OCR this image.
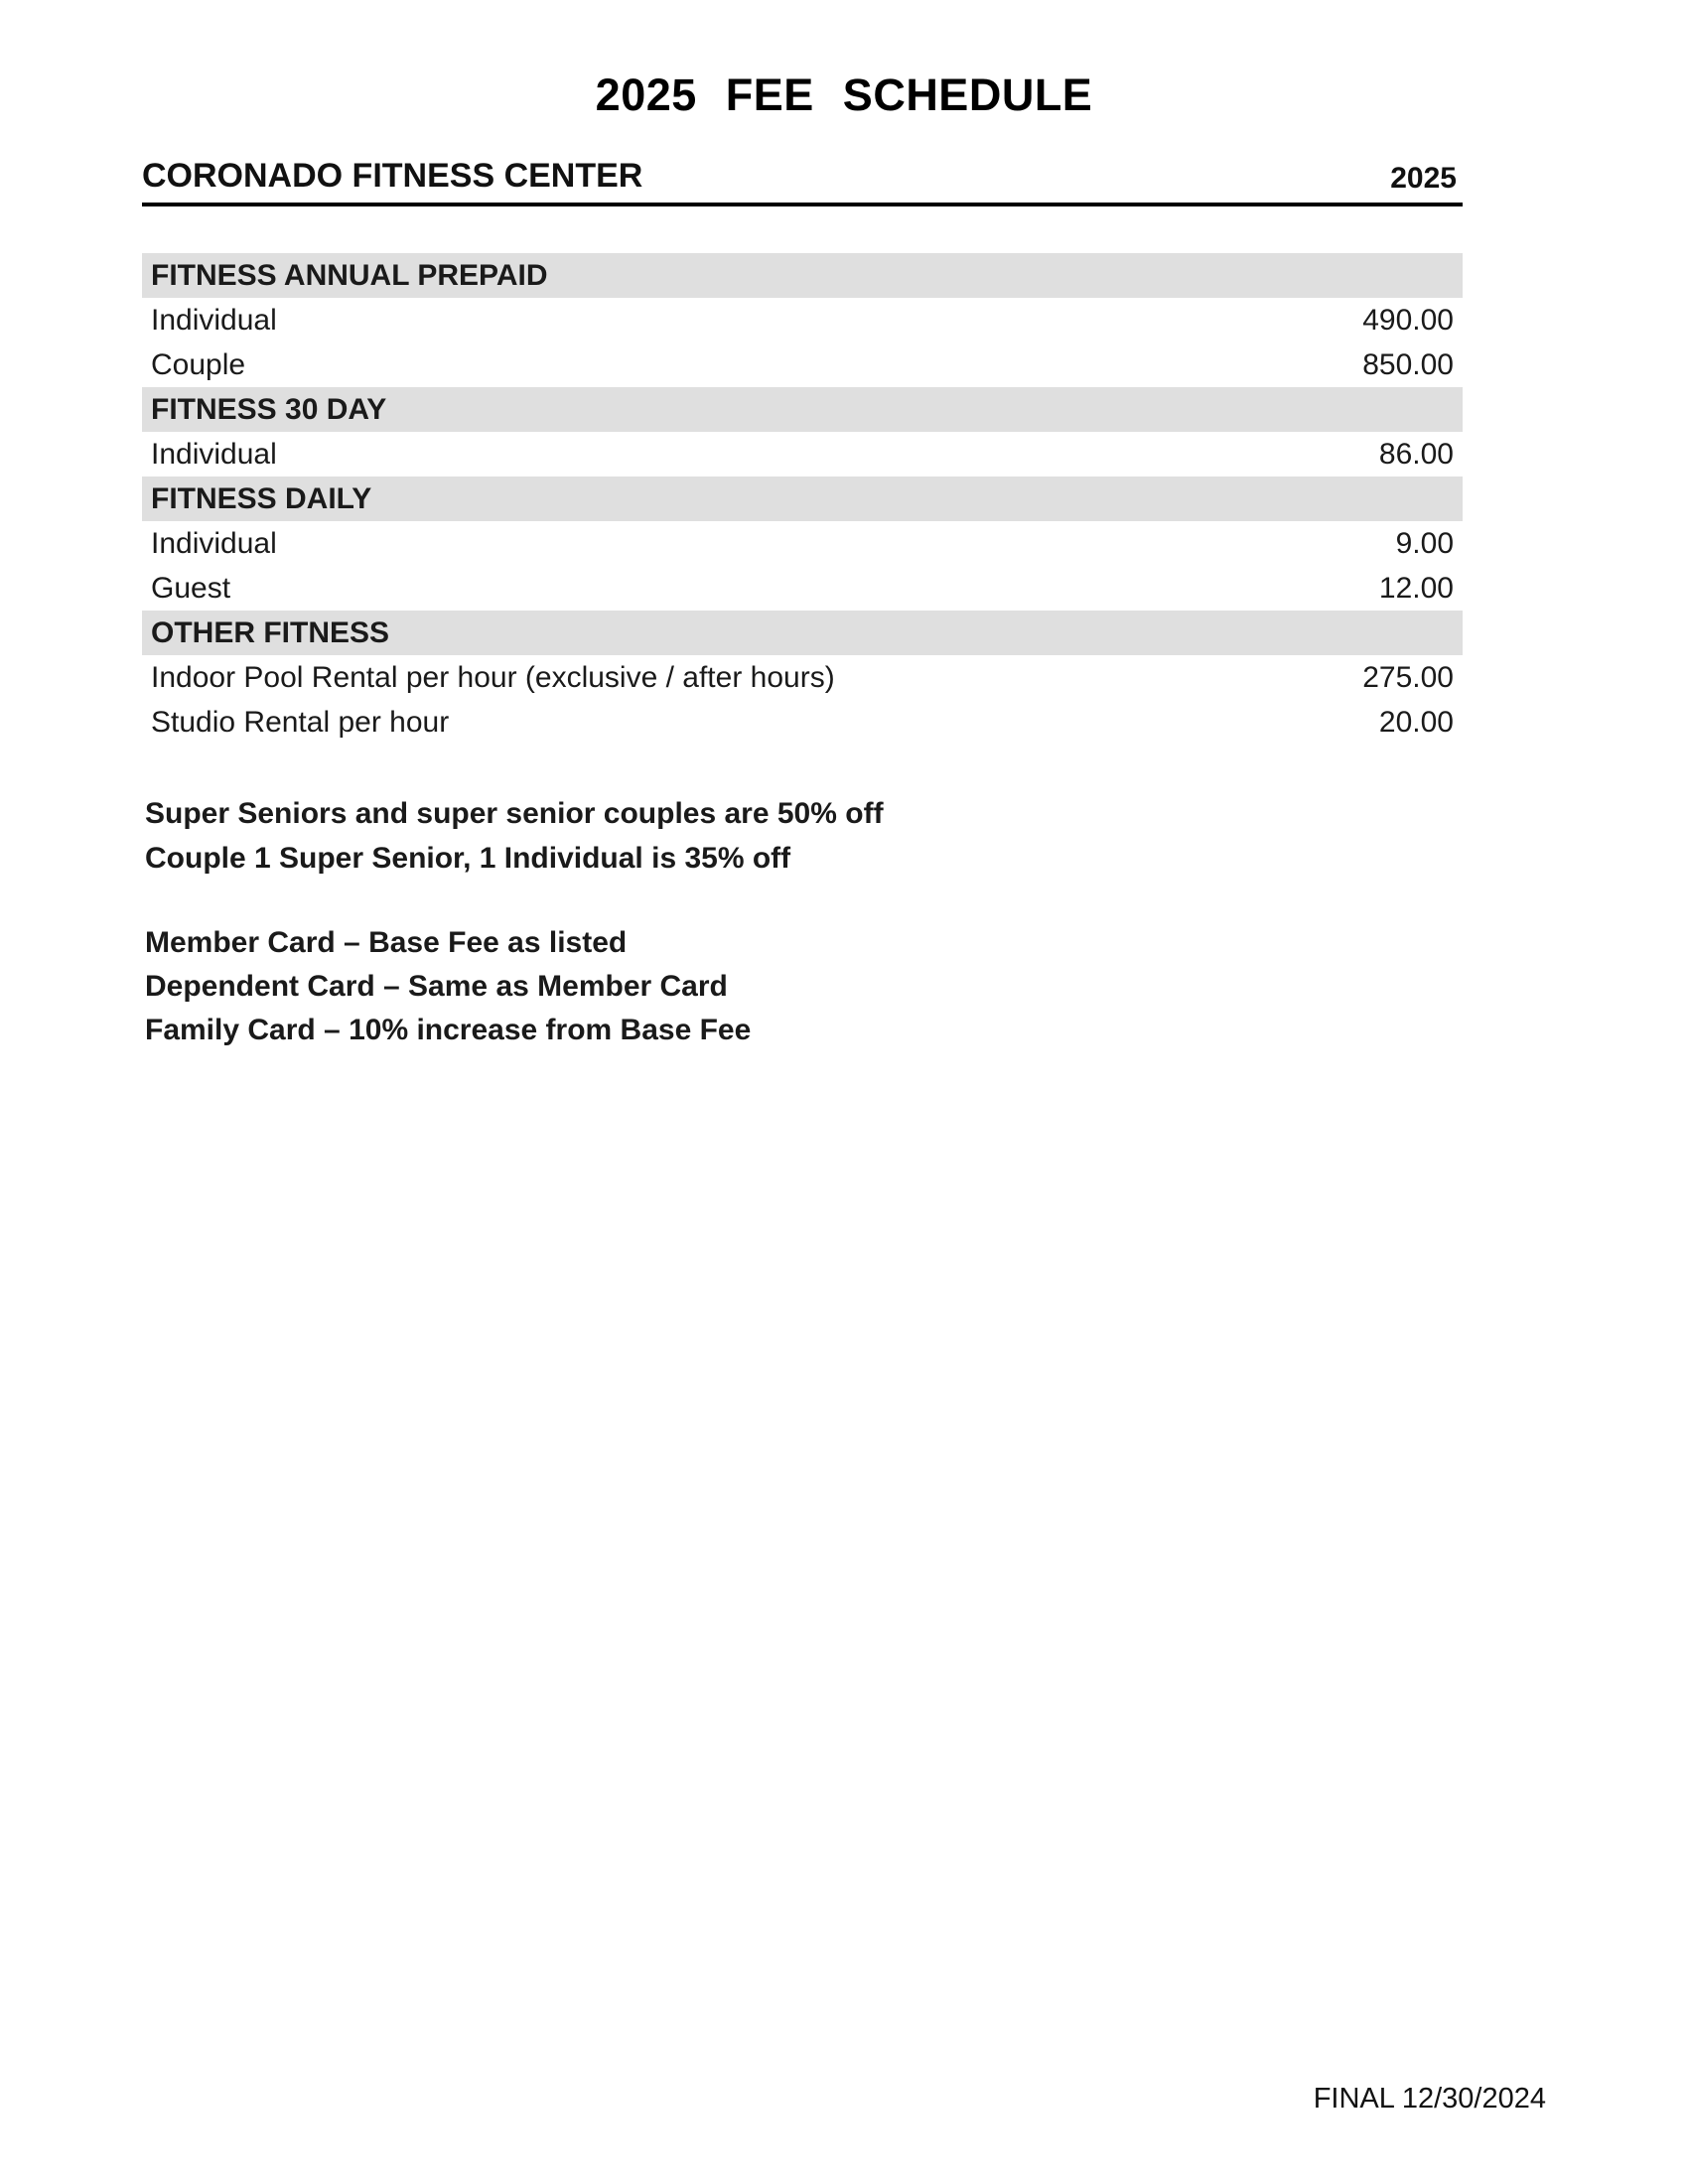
2025 FEE SCHEDULE
CORONADO FITNESS CENTER	2025
FITNESS ANNUAL PREPAID
Individual	490.00
Couple	850.00
FITNESS 30 DAY
Individual	86.00
FITNESS DAILY
Individual	9.00
Guest	12.00
OTHER FITNESS
Indoor Pool Rental per hour (exclusive / after hours)	275.00
Studio Rental per hour	20.00
Super Seniors and super senior couples are 50% off
Couple 1 Super Senior, 1 Individual is 35% off
Member Card – Base Fee as listed
Dependent Card – Same as Member Card
Family Card – 10% increase from Base Fee
FINAL 12/30/2024
